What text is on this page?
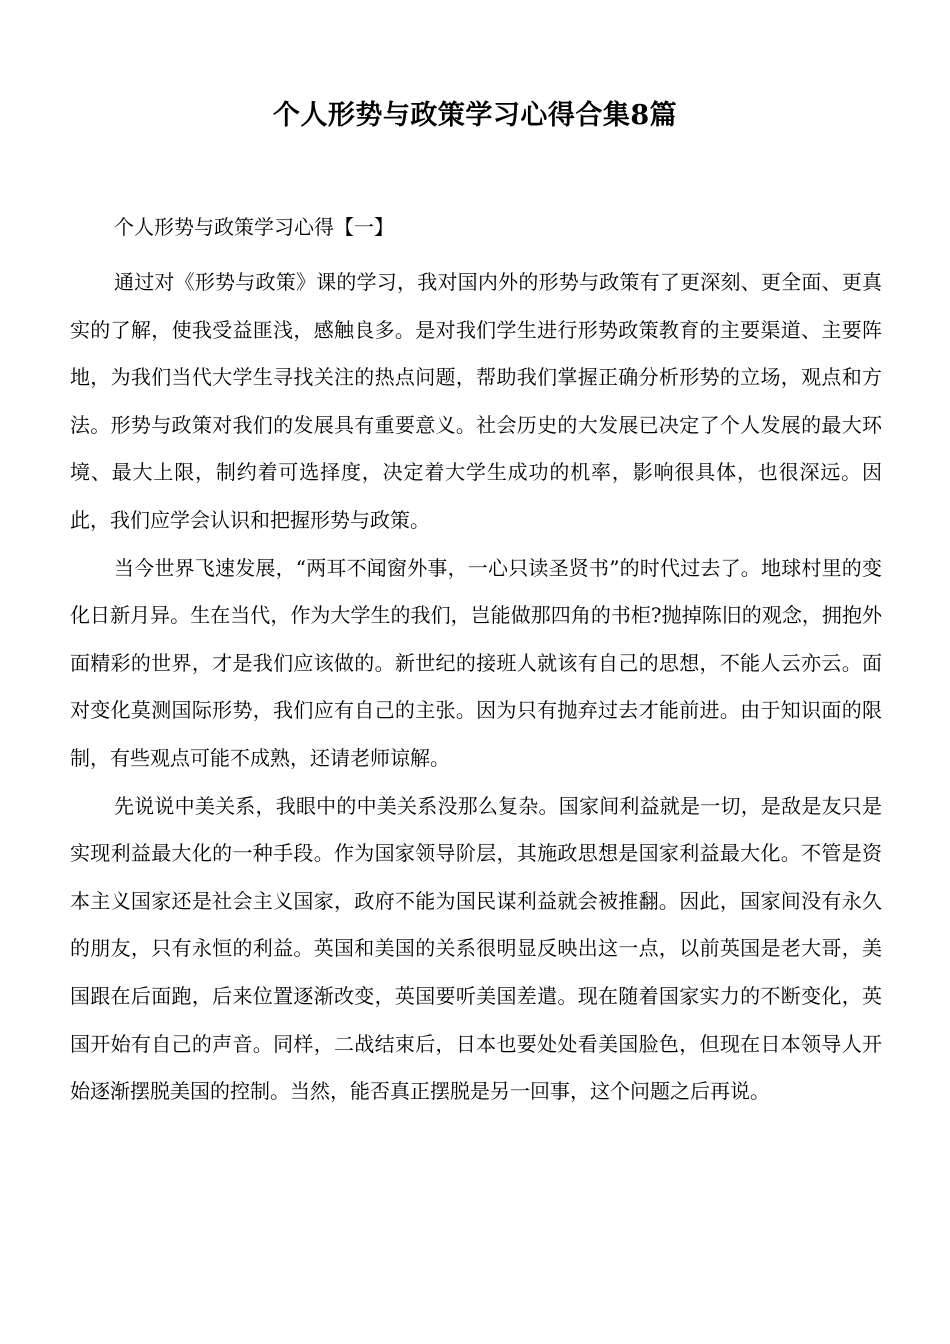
个人形势与政策学习心得合集8篇
个人形势与政策学习心得【一】

通过对《形势与政策》课的学习，我对国内外的形势与政策有了更深刻、更全面、更真实的了解，使我受益匪浅，感触良多。是对我们学生进行形势政策教育的主要渠道、主要阵地，为我们当代大学生寻找关注的热点问题，帮助我们掌握正确分析形势的立场，观点和方法。形势与政策对我们的发展具有重要意义。社会历史的大发展已决定了个人发展的最大环境、最大上限，制约着可选择度，决定着大学生成功的机率，影响很具体，也很深远。因此，我们应学会认识和把握形势与政策。

当今世界飞速发展，“两耳不闻窗外事，一心只读圣贤书”的时代过去了。地球村里的变化日新月异。生在当代，作为大学生的我们，岂能做那四角的书柜?抛掉陈旧的观念，拥抱外面精彩的世界，才是我们应该做的。新世纪的接班人就该有自己的思想，不能人云亦云。面对变化莫测国际形势，我们应有自己的主张。因为只有抛弃过去才能前进。由于知识面的限制，有些观点可能不成熟，还请老师谅解。

先说说中美关系，我眼中的中美关系没那么复杂。国家间利益就是一切，是敌是友只是实现利益最大化的一种手段。作为国家领导阶层，其施政思想是国家利益最大化。不管是资本主义国家还是社会主义国家，政府不能为国民谋利益就会被推翻。因此，国家间没有永久的朋友，只有永恒的利益。英国和美国的关系很明显反映出这一点，以前英国是老大哥，美国跟在后面跑，后来位置逐渐改变，英国要听美国差遣。现在随着国家实力的不断变化，英国开始有自己的声音。同样，二战结束后，日本也要处处看美国脸色，但现在日本领导人开始逐渐摆脱美国的控制。当然，能否真正摆脱是另一回事，这个问题之后再说。
